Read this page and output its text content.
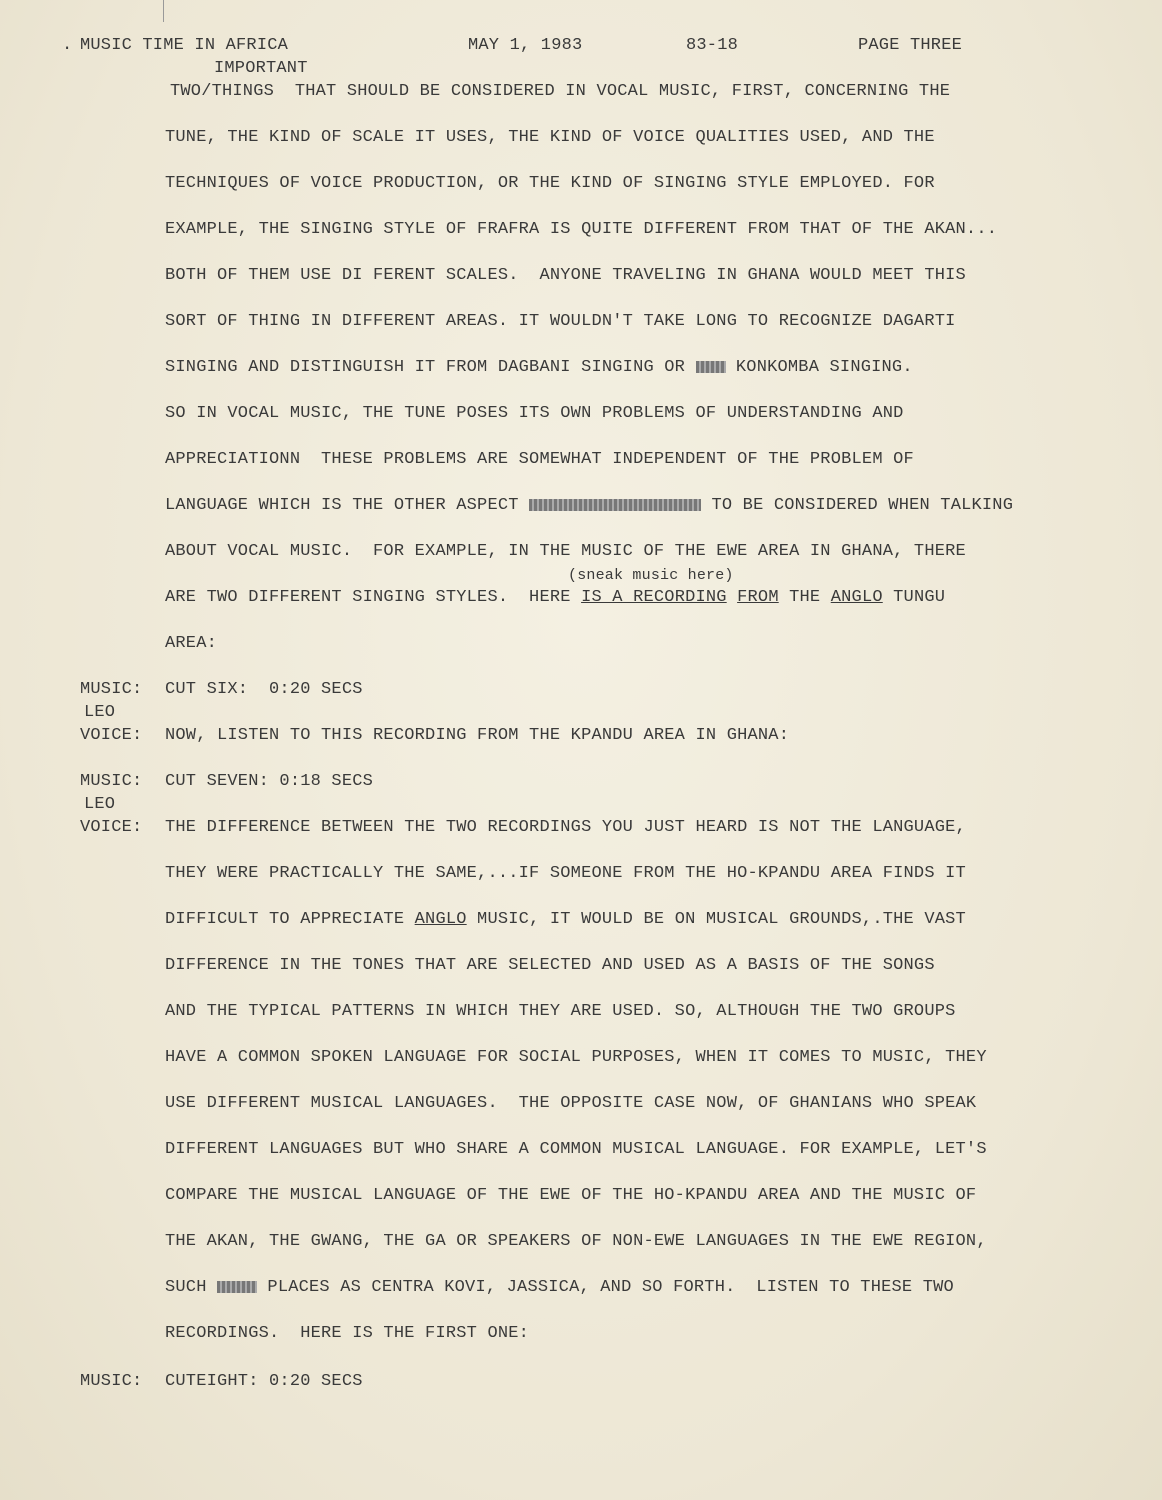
. MUSIC TIME IN AFRICA	MAY 1, 1983	83-18	PAGE THREE
IMPORTANT
TWO/THINGS  THAT SHOULD BE CONSIDERED IN VOCAL MUSIC, FIRST, CONCERNING THE
TUNE, THE KIND OF SCALE IT USES, THE KIND OF VOICE QUALITIES USED, AND THE
TECHNIQUES OF VOICE PRODUCTION, OR THE KIND OF SINGING STYLE EMPLOYED. FOR
EXAMPLE, THE SINGING STYLE OF FRAFRA IS QUITE DIFFERENT FROM THAT OF THE AKAN...
BOTH OF THEM USE DI FERENT SCALES.  ANYONE TRAVELING IN GHANA WOULD MEET THIS
SORT OF THING IN DIFFERENT AREAS. IT WOULDN'T TAKE LONG TO RECOGNIZE DAGARTI
SINGING AND DISTINGUISH IT FROM DAGBANI SINGING OR  KONKOMBA SINGING.
SO IN VOCAL MUSIC, THE TUNE POSES ITS OWN PROBLEMS OF UNDERSTANDING AND
APPRECIATIONN  THESE PROBLEMS ARE SOMEWHAT INDEPENDENT OF THE PROBLEM OF
LANGUAGE WHICH IS THE OTHER ASPECT	TO BE CONSIDERED WHEN TALKING
ABOUT VOCAL MUSIC.  FOR EXAMPLE, IN THE MUSIC OF THE EWE AREA IN GHANA, THERE
(sneak music here)
ARE TWO DIFFERENT SINGING STYLES.  HERE IS A RECORDING FROM THE ANGLO TUNGU
AREA:
MUSIC: CUT SIX:  0:20 SECS
LEO
VOICE: NOW, LISTEN TO THIS RECORDING FROM THE KPANDU AREA IN GHANA:
MUSIC: CUT SEVEN: 0:18 SECS
LEO
VOICE: THE DIFFERENCE BETWEEN THE TWO RECORDINGS YOU JUST HEARD IS NOT THE LANGUAGE,
THEY WERE PRACTICALLY THE SAME,...IF SOMEONE FROM THE HO-KPANDU AREA FINDS IT
DIFFICULT TO APPRECIATE ANGLO MUSIC, IT WOULD BE ON MUSICAL GROUNDS,.THE VAST
DIFFERENCE IN THE TONES THAT ARE SELECTED AND USED AS A BASIS OF THE SONGS
AND THE TYPICAL PATTERNS IN WHICH THEY ARE USED. SO, ALTHOUGH THE TWO GROUPS
HAVE A COMMON SPOKEN LANGUAGE FOR SOCIAL PURPOSES, WHEN IT COMES TO MUSIC, THEY
USE DIFFERENT MUSICAL LANGUAGES.  THE OPPOSITE CASE NOW, OF GHANIANS WHO SPEAK
DIFFERENT LANGUAGES BUT WHO SHARE A COMMON MUSICAL LANGUAGE. FOR EXAMPLE, LET'S
COMPARE THE MUSICAL LANGUAGE OF THE EWE OF THE HO-KPANDU AREA AND THE MUSIC OF
THE AKAN, THE GWANG, THE GA OR SPEAKERS OF NON-EWE LANGUAGES IN THE EWE REGION,
SUCH  PLACES AS CENTRA KOVI, JASSICA, AND SO FORTH.  LISTEN TO THESE TWO
RECORDINGS.  HERE IS THE FIRST ONE:
MUSIC: CUTEIGHT: 0:20 SECS
